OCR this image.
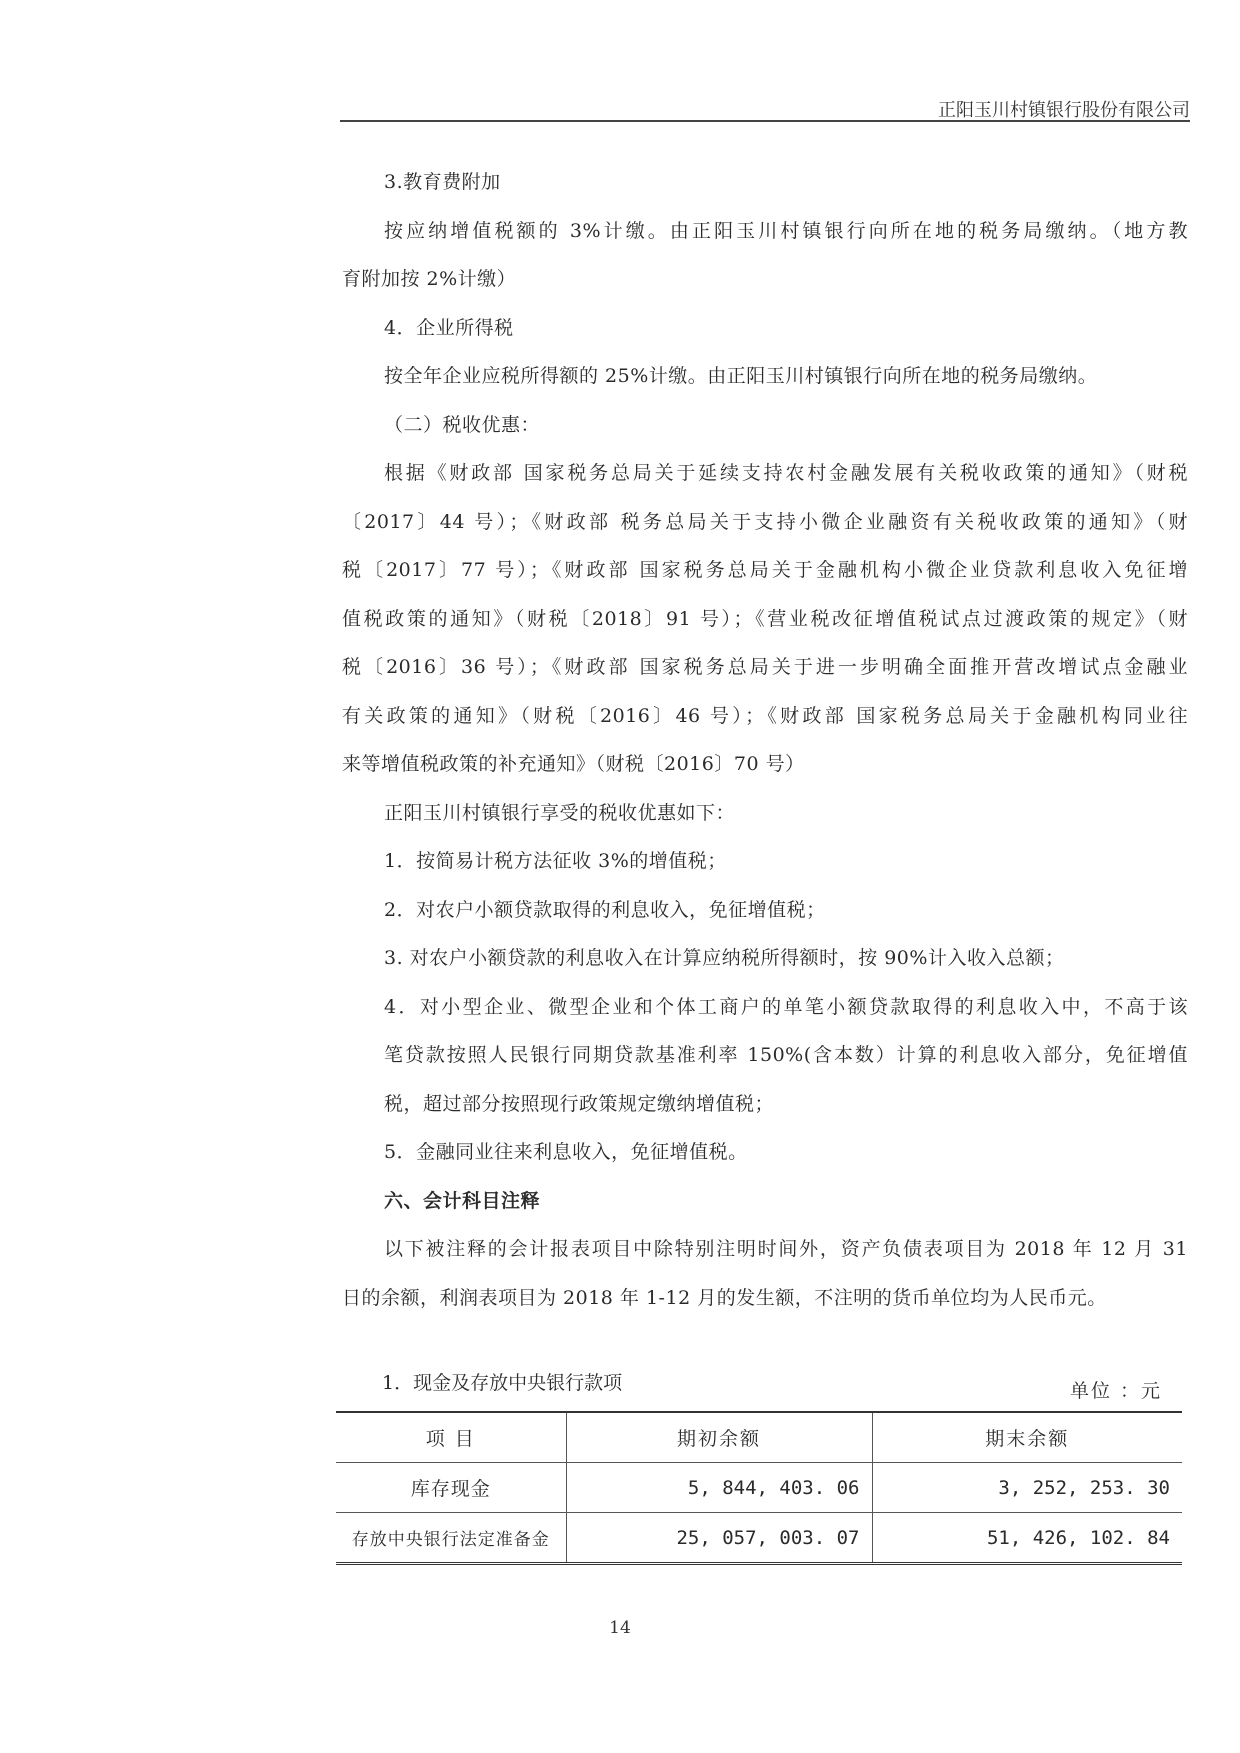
正阳玉川村镇银行股份有限公司
3.教育费附加
按应纳增值税额的 3%计缴。由正阳玉川村镇银行向所在地的税务局缴纳。（地方教
育附加按 2%计缴）
4．企业所得税
按全年企业应税所得额的 25%计缴。由正阳玉川村镇银行向所在地的税务局缴纳。
（二）税收优惠：
根据《财政部 国家税务总局关于延续支持农村金融发展有关税收政策的通知》（财税
〔2017〕44 号）；《财政部 税务总局关于支持小微企业融资有关税收政策的通知》（财
税〔2017〕77 号）；《财政部 国家税务总局关于金融机构小微企业贷款利息收入免征增
值税政策的通知》（财税〔2018〕91 号）；《营业税改征增值税试点过渡政策的规定》（财
税〔2016〕36 号）；《财政部 国家税务总局关于进一步明确全面推开营改增试点金融业
有关政策的通知》（财税〔2016〕46 号）；《财政部 国家税务总局关于金融机构同业往
来等增值税政策的补充通知》（财税〔2016〕70 号）
正阳玉川村镇银行享受的税收优惠如下：
1．按简易计税方法征收 3%的增值税；
2．对农户小额贷款取得的利息收入，免征增值税；
3. 对农户小额贷款的利息收入在计算应纳税所得额时，按 90%计入收入总额；
4．对小型企业、微型企业和个体工商户的单笔小额贷款取得的利息收入中，不高于该
笔贷款按照人民银行同期贷款基准利率 150%(含本数）计算的利息收入部分，免征增值
税，超过部分按照现行政策规定缴纳增值税；
5．金融同业往来利息收入，免征增值税。
六、会计科目注释
以下被注释的会计报表项目中除特别注明时间外，资产负债表项目为 2018 年 12 月 31
日的余额，利润表项目为 2018 年 1-12 月的发生额，不注明的货币单位均为人民币元。
1．现金及存放中央银行款项	单位 ：元
项 目	期初余额	期末余额
库存现金	5, 844, 403. 06	3, 252, 253. 30
存放中央银行法定准备金	25, 057, 003. 07	51, 426, 102. 84
14
